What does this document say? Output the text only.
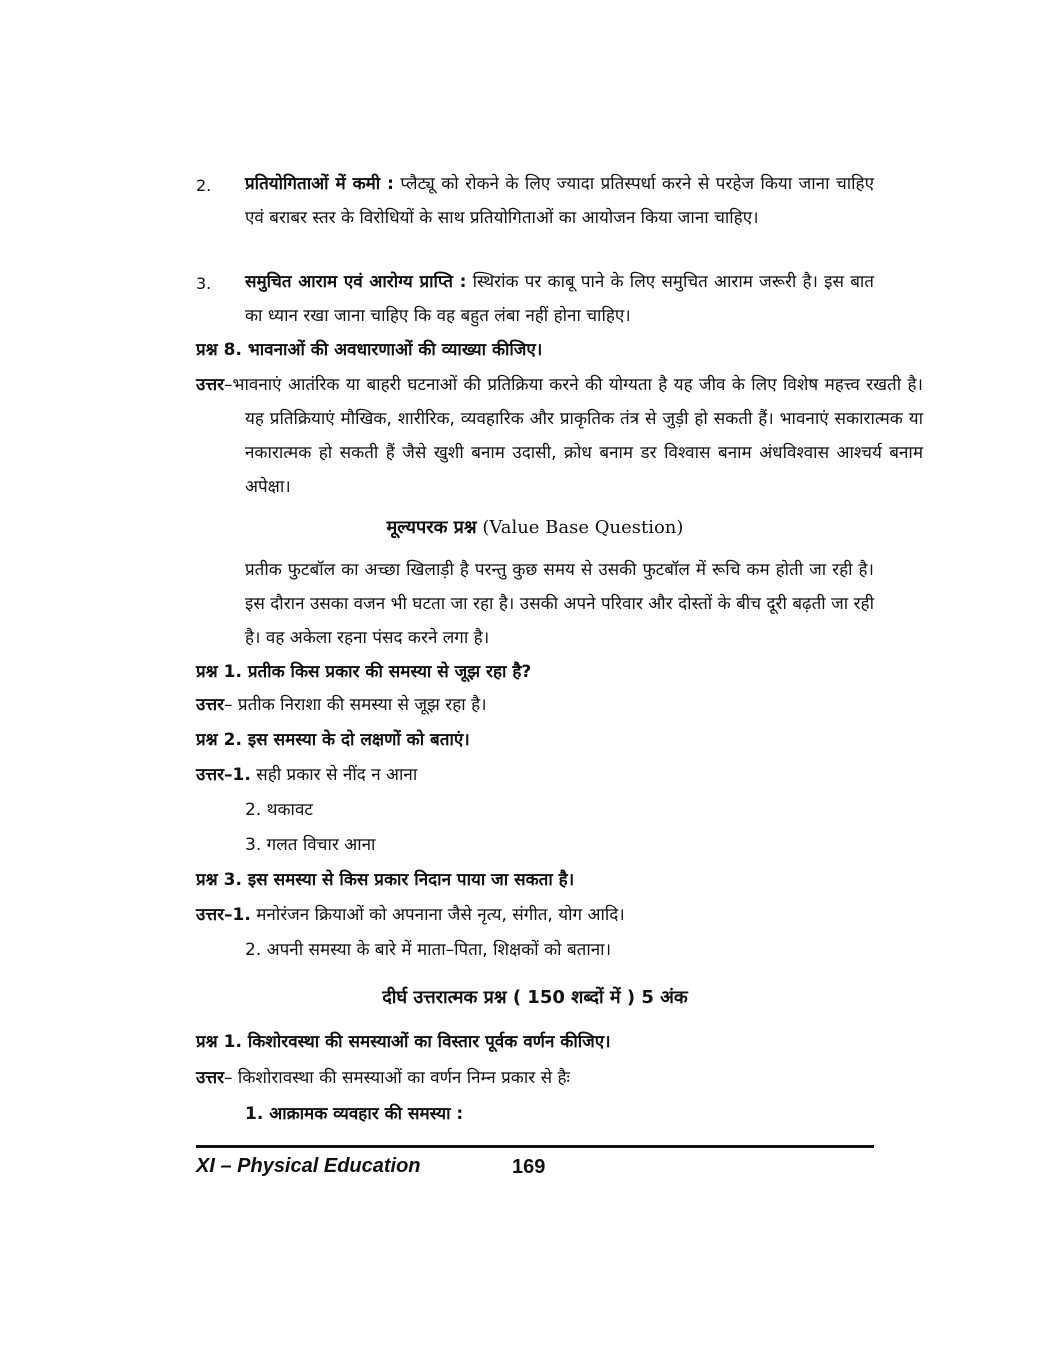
2.	प्रतियोगिताओं में कमी : प्लैट्यू को रोकने के लिए ज्यादा प्रतिस्पर्धा करने से परहेज किया जाना चाहिए एवं बराबर स्तर के विरोधियों के साथ प्रतियोगिताओं का आयोजन किया जाना चाहिए।
3.	समुचित आराम एवं आरोग्य प्राप्ति : स्थिरांक पर काबू पाने के लिए समुचित आराम जरूरी है। इस बात का ध्यान रखा जाना चाहिए कि वह बहुत लंबा नहीं होना चाहिए।
प्रश्न 8. भावनाओं की अवधारणाओं की व्याख्या कीजिए।
उत्तर–भावनाएं आतंरिक या बाहरी घटनाओं की प्रतिक्रिया करने की योग्यता है यह जीव के लिए विशेष महत्त्व रखती है। यह प्रतिक्रियाएं मौखिक, शारीरिक, व्यवहारिक और प्राकृतिक तंत्र से जुड़ी हो सकती हैं। भावनाएं सकारात्मक या नकारात्मक हो सकती हैं जैसे खुशी बनाम उदासी, क्रोध बनाम डर विश्वास बनाम अंधविश्वास आश्चर्य बनाम अपेक्षा।
मूल्यपरक प्रश्न (Value Base Question)
प्रतीक फुटबॉल का अच्छा खिलाड़ी है परन्तु कुछ समय से उसकी फुटबॉल में रूचि कम होती जा रही है। इस दौरान उसका वजन भी घटता जा रहा है। उसकी अपने परिवार और दोस्तों के बीच दूरी बढ़ती जा रही है। वह अकेला रहना पंसद करने लगा है।
प्रश्न 1. प्रतीक किस प्रकार की समस्या से जूझ रहा है?
उत्तर– प्रतीक निराशा की समस्या से जूझ रहा है।
प्रश्न 2. इस समस्या के दो लक्षणों को बताएं।
उत्तर–1. सही प्रकार से नींद न आना
2. थकावट
3. गलत विचार आना
प्रश्न 3. इस समस्या से किस प्रकार निदान पाया जा सकता है।
उत्तर–1. मनोरंजन क्रियाओं को अपनाना जैसे नृत्य, संगीत, योग आदि।
2. अपनी समस्या के बारे में माता–पिता, शिक्षकों को बताना।
दीर्घ उत्तरात्मक प्रश्न ( 150 शब्दों में ) 5 अंक
प्रश्न 1. किशोरवस्था की समस्याओं का विस्तार पूर्वक वर्णन कीजिए।
उत्तर– किशोरावस्था की समस्याओं का वर्णन निम्न प्रकार से हैः
1. आक्रामक व्यवहार की समस्या :
XI – Physical Education	169
